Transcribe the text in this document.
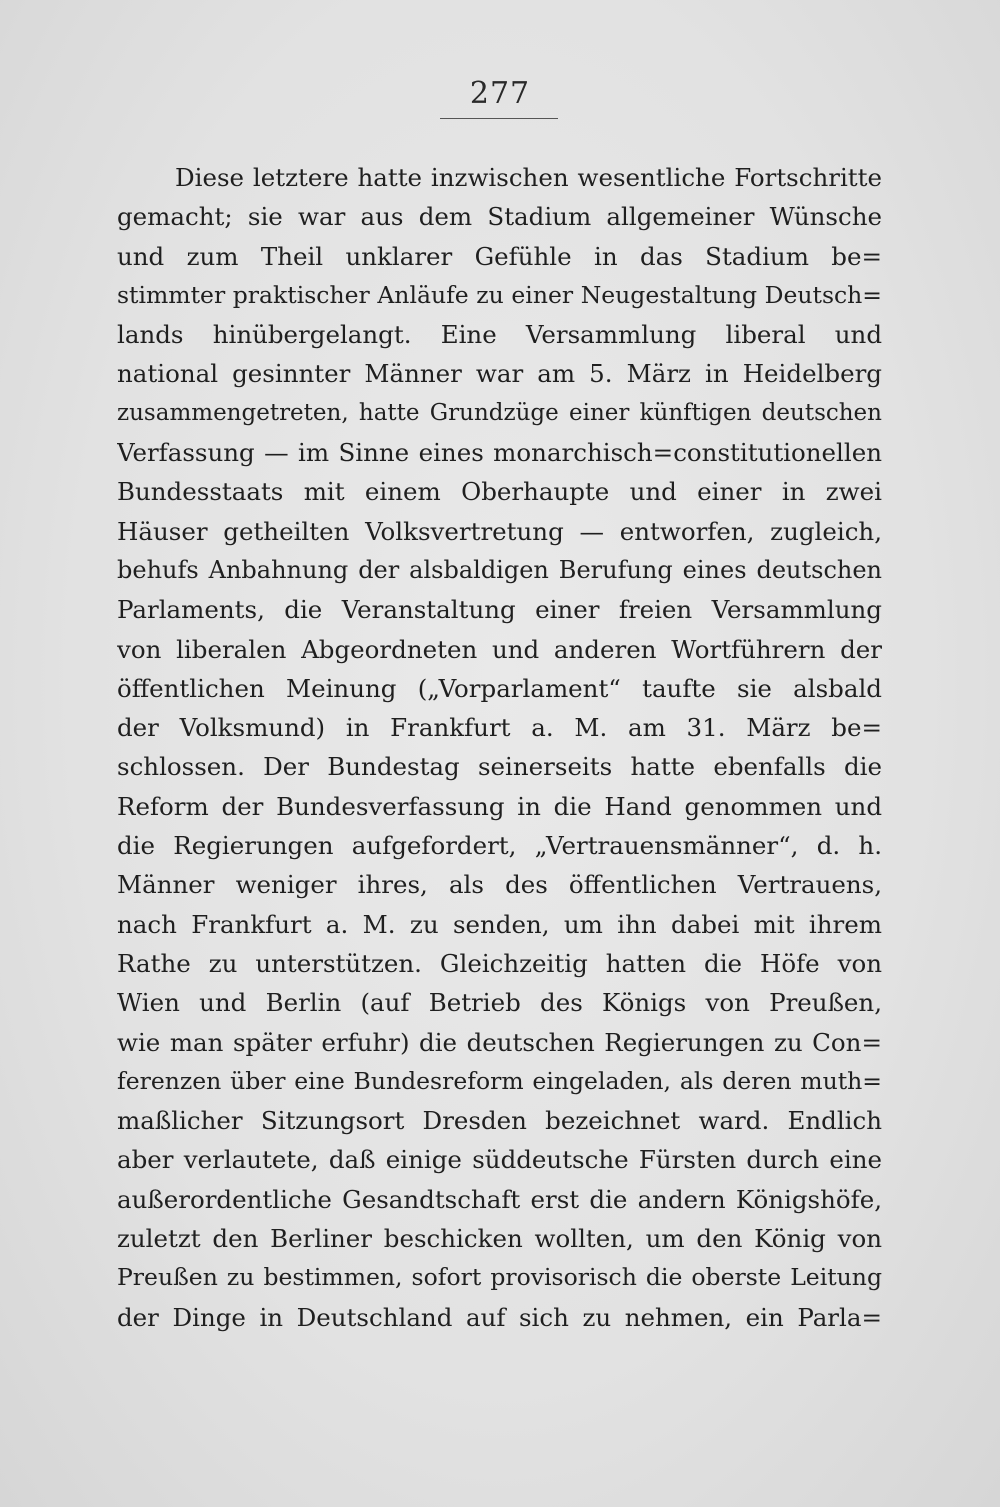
277
Diese letztere hatte inzwischen wesentliche Fortschritte
gemacht; sie war aus dem Stadium allgemeiner Wünsche
und zum Theil unklarer Gefühle in das Stadium be=
stimmter praktischer Anläufe zu einer Neugestaltung Deutsch=
lands hinübergelangt. Eine Versammlung liberal und
national gesinnter Männer war am 5. März in Heidelberg
zusammengetreten, hatte Grundzüge einer künftigen deutschen
Verfassung — im Sinne eines monarchisch=constitutionellen
Bundesstaats mit einem Oberhaupte und einer in zwei
Häuser getheilten Volksvertretung — entworfen, zugleich,
behufs Anbahnung der alsbaldigen Berufung eines deutschen
Parlaments, die Veranstaltung einer freien Versammlung
von liberalen Abgeordneten und anderen Wortführern der
öffentlichen Meinung („Vorparlament“ taufte sie alsbald
der Volksmund) in Frankfurt a. M. am 31. März be=
schlossen. Der Bundestag seinerseits hatte ebenfalls die
Reform der Bundesverfassung in die Hand genommen und
die Regierungen aufgefordert, „Vertrauensmänner“, d. h.
Männer weniger ihres, als des öffentlichen Vertrauens,
nach Frankfurt a. M. zu senden, um ihn dabei mit ihrem
Rathe zu unterstützen. Gleichzeitig hatten die Höfe von
Wien und Berlin (auf Betrieb des Königs von Preußen,
wie man später erfuhr) die deutschen Regierungen zu Con=
ferenzen über eine Bundesreform eingeladen, als deren muth=
maßlicher Sitzungsort Dresden bezeichnet ward. Endlich
aber verlautete, daß einige süddeutsche Fürsten durch eine
außerordentliche Gesandtschaft erst die andern Königshöfe,
zuletzt den Berliner beschicken wollten, um den König von
Preußen zu bestimmen, sofort provisorisch die oberste Leitung
der Dinge in Deutschland auf sich zu nehmen, ein Parla=
